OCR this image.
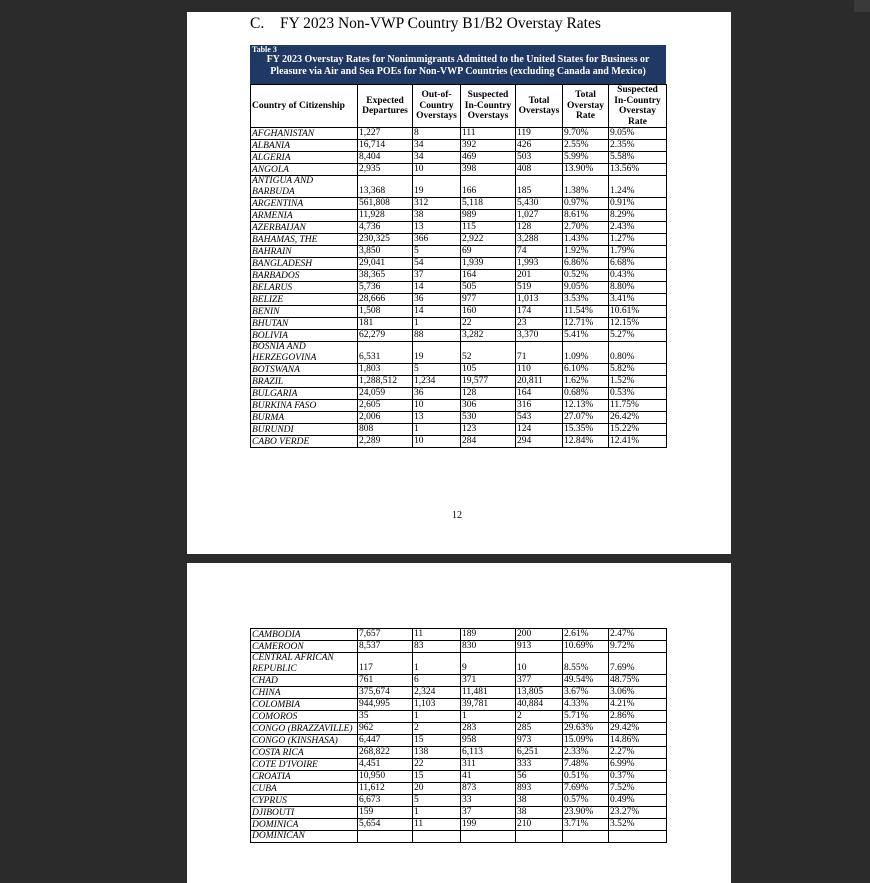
C. FY 2023 Non-VWP Country B1/B2 Overstay Rates
Table 3
FY 2023 Overstay Rates for Nonimmigrants Admitted to the United States for Business or Pleasure via Air and Sea POEs for Non-VWP Countries (excluding Canada and Mexico)
Country of Citizenship	Expected Departures	Out-of-Country Overstays	Suspected In-Country Overstays	Total Overstays	Total Overstay Rate	Suspected In-Country Overstay Rate
AFGHANISTAN	1,227	8	111	119	9.70%	9.05%
ALBANIA	16,714	34	392	426	2.55%	2.35%
ALGERIA	8,404	34	469	503	5.99%	5.58%
ANGOLA	2,935	10	398	408	13.90%	13.56%
ANTIGUA AND BARBUDA	13,368	19	166	185	1.38%	1.24%
ARGENTINA	561,808	312	5,118	5,430	0.97%	0.91%
ARMENIA	11,928	38	989	1,027	8.61%	8.29%
AZERBAIJAN	4,736	13	115	128	2.70%	2.43%
BAHAMAS, THE	230,325	366	2,922	3,288	1.43%	1.27%
BAHRAIN	3,850	5	69	74	1.92%	1.79%
BANGLADESH	29,041	54	1,939	1,993	6.86%	6.68%
BARBADOS	38,365	37	164	201	0.52%	0.43%
BELARUS	5,736	14	505	519	9.05%	8.80%
BELIZE	28,666	36	977	1,013	3.53%	3.41%
BENIN	1,508	14	160	174	11.54%	10.61%
BHUTAN	181	1	22	23	12.71%	12.15%
BOLIVIA	62,279	88	3,282	3,370	5.41%	5.27%
BOSNIA AND HERZEGOVINA	6,531	19	52	71	1.09%	0.80%
BOTSWANA	1,803	5	105	110	6.10%	5.82%
BRAZIL	1,288,512	1,234	19,577	20,811	1.62%	1.52%
BULGARIA	24,059	36	128	164	0.68%	0.53%
BURKINA FASO	2,605	10	306	316	12.13%	11.75%
BURMA	2,006	13	530	543	27.07%	26.42%
BURUNDI	808	1	123	124	15.35%	15.22%
CABO VERDE	2,289	10	284	294	12.84%	12.41%
12
CAMBODIA	7,657	11	189	200	2.61%	2.47%
CAMEROON	8,537	83	830	913	10.69%	9.72%
CENTRAL AFRICAN REPUBLIC	117	1	9	10	8.55%	7.69%
CHAD	761	6	371	377	49.54%	48.75%
CHINA	375,674	2,324	11,481	13,805	3.67%	3.06%
COLOMBIA	944,995	1,103	39,781	40,884	4.33%	4.21%
COMOROS	35	1	1	2	5.71%	2.86%
CONGO (BRAZZAVILLE)	962	2	283	285	29.63%	29.42%
CONGO (KINSHASA)	6,447	15	958	973	15.09%	14.86%
COSTA RICA	268,822	138	6,113	6,251	2.33%	2.27%
COTE D'IVOIRE	4,451	22	311	333	7.48%	6.99%
CROATIA	10,950	15	41	56	0.51%	0.37%
CUBA	11,612	20	873	893	7.69%	7.52%
CYPRUS	6,673	5	33	38	0.57%	0.49%
DJIBOUTI	159	1	37	38	23.90%	23.27%
DOMINICA	5,654	11	199	210	3.71%	3.52%
DOMINICAN						
